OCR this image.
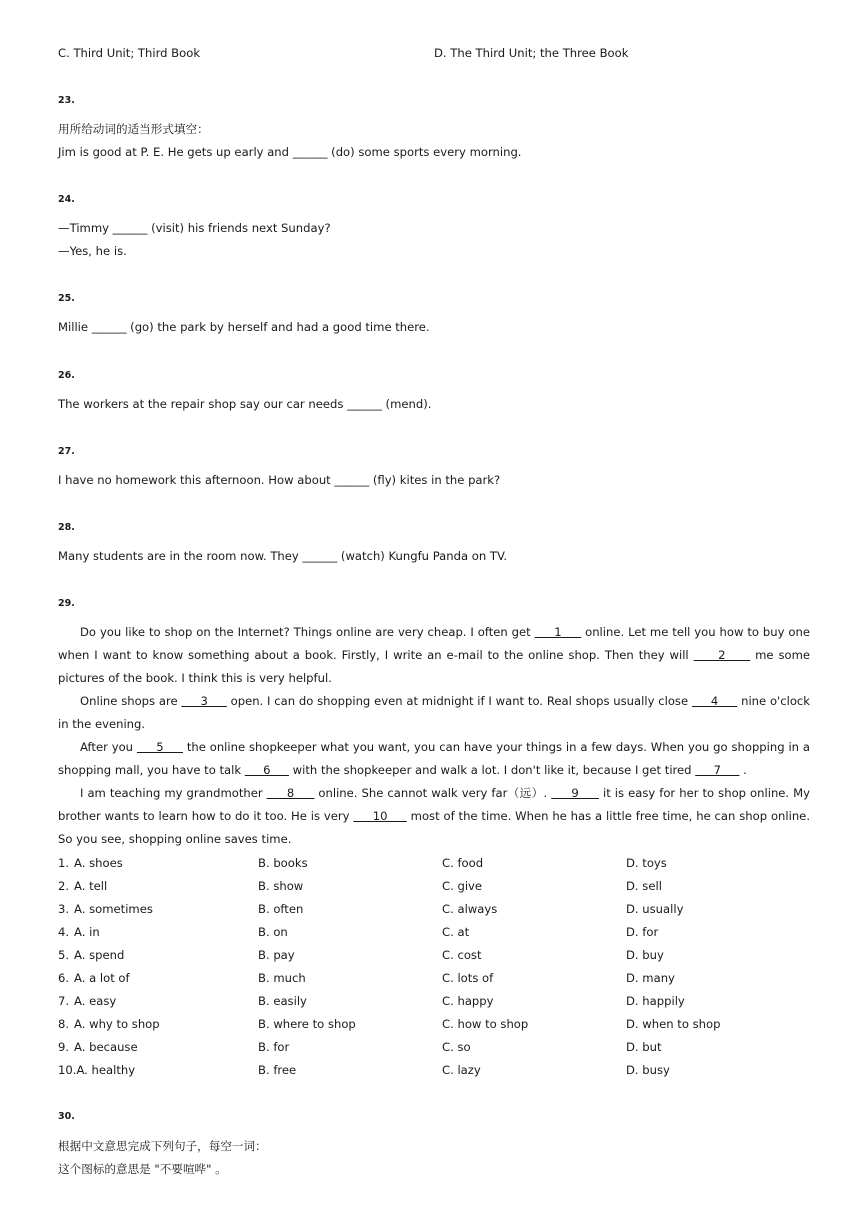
C. Third Unit; Third Book	D. The Third Unit; the Three Book
23.
用所给动词的适当形式填空：
Jim is good at P. E. He gets up early and ______ (do) some sports every morning.
24.
—Timmy ______ (visit) his friends next Sunday?
—Yes, he is.
25.
Millie ______ (go) the park by herself and had a good time there.
26.
The workers at the repair shop say our car needs ______ (mend).
27.
I have no homework this afternoon. How about ______ (fly) kites in the park?
28.
Many students are in the room now. They ______ (watch) Kungfu Panda on TV.
29.

Do you like to shop on the Internet? Things online are very cheap. I often get      1      online. Let me tell you how to buy one when I want to know something about a book. Firstly, I write an e-mail to the online shop. Then they will      2      me some pictures of the book. I think this is very helpful.

Online shops are      3      open. I can do shopping even at midnight if I want to. Real shops usually close      4      nine o'clock in the evening.

After you      5      the online shopkeeper what you want, you can have your things in a few days. When you go shopping in a shopping mall, you have to talk      6      with the shopkeeper and walk a lot. I don't like it, because I get tired      7      .

I am teaching my grandmother      8      online. She cannot walk very far（远）.      9      it is easy for her to shop online. My brother wants to learn how to do it too. He is very      10      most of the time. When he has a little free time, he can shop online. So you see, shopping online saves time.

1. A. shoes	B. books	C. food	D. toys
2. A. tell	B. show	C. give	D. sell
3. A. sometimes	B. often	C. always	D. usually
4. A. in	B. on	C. at	D. for
5. A. spend	B. pay	C. cost	D. buy
6. A. a lot of	B. much	C. lots of	D. many
7. A. easy	B. easily	C. happy	D. happily
8. A. why to shop	B. where to shop	C. how to shop	D. when to shop
9. A. because	B. for	C. so	D. but
10.A. healthy	B. free	C. lazy	D. busy
30.
根据中文意思完成下列句子，每空一词：
这个图标的意思是 "不要喧哗" 。
